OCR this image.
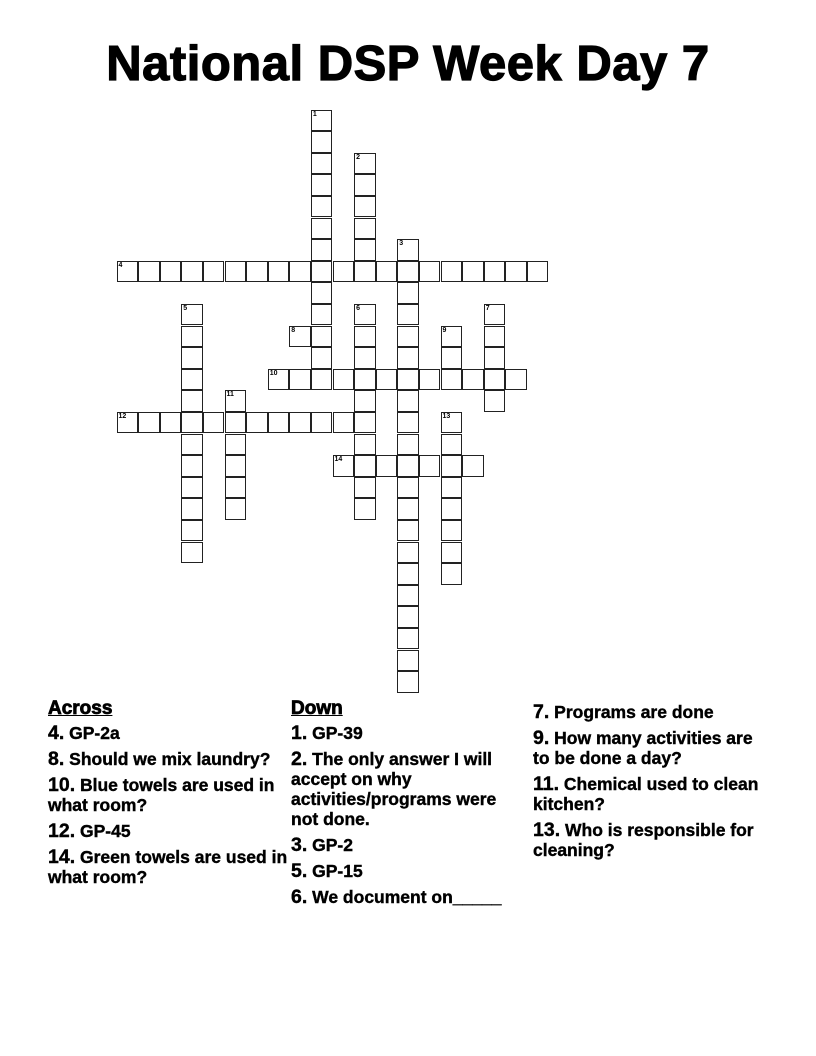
National DSP Week Day 7
1
2
3
4
5	6	7
8	9
10
11
12	13
14
Across
4. GP-2a
8. Should we mix laundry?
10. Blue towels are used in what room?
12. GP-45
14. Green towels are used in what room?
Down
1. GP-39
2. The only answer I will accept on why activities/programs were not done.
3. GP-2
5. GP-15
6. We document on_____
7. Programs are done
9. How many activities are to be done a day?
11. Chemical used to clean kitchen?
13. Who is responsible for cleaning?
